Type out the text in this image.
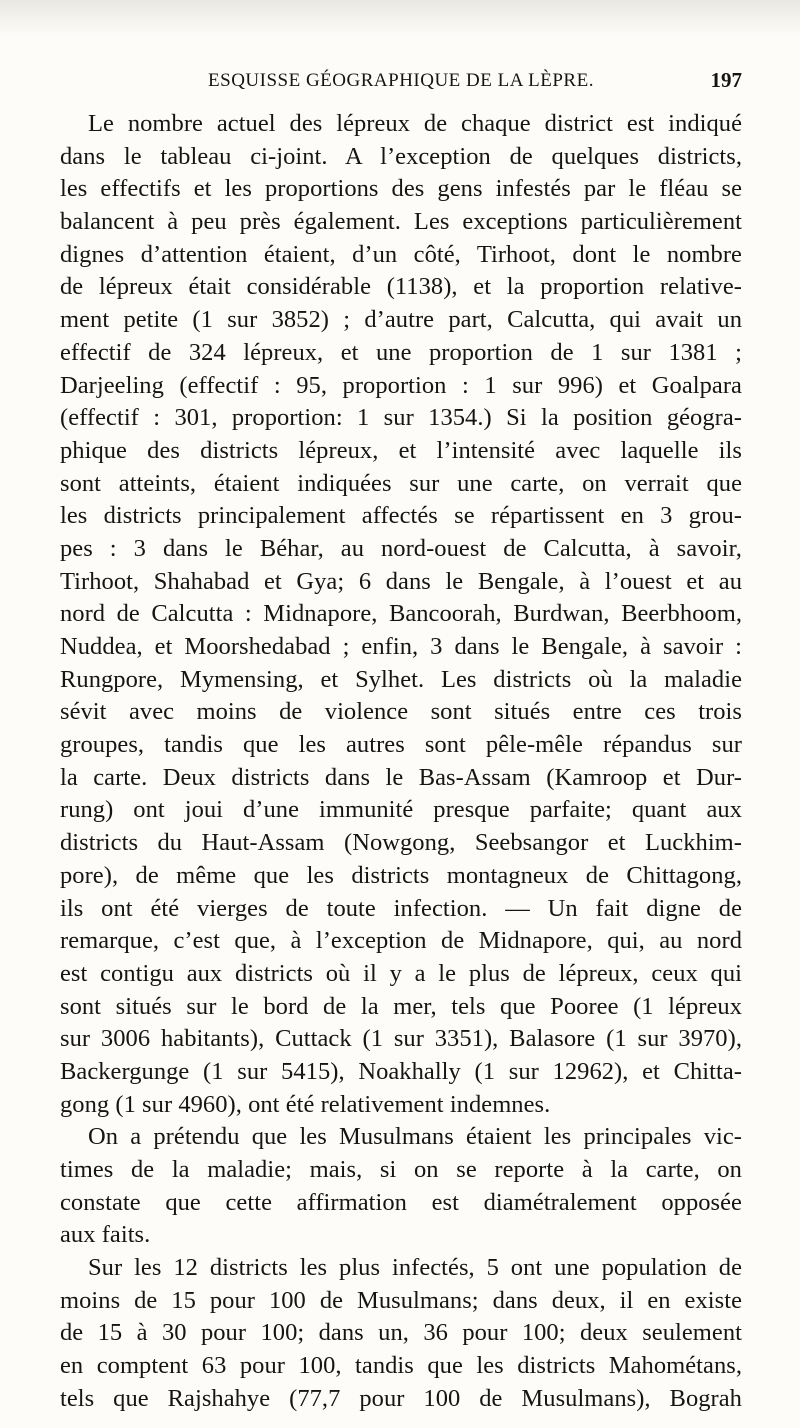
ESQUISSE GÉOGRAPHIQUE DE LA LÈPRE.	197
Le nombre actuel des lépreux de chaque district est indiqué
dans le tableau ci-joint. A l’exception de quelques districts,
les effectifs et les proportions des gens infestés par le fléau se
balancent à peu près également. Les exceptions particulièrement
dignes d’attention étaient, d’un côté, Tirhoot, dont le nombre
de lépreux était considérable (1138), et la proportion relative-
ment petite (1 sur 3852) ; d’autre part, Calcutta, qui avait un
effectif de 324 lépreux, et une proportion de 1 sur 1381 ;
Darjeeling (effectif : 95, proportion : 1 sur 996) et Goalpara
(effectif : 301, proportion: 1 sur 1354.) Si la position géogra-
phique des districts lépreux, et l’intensité avec laquelle ils
sont atteints, étaient indiquées sur une carte, on verrait que
les districts principalement affectés se répartissent en 3 grou-
pes : 3 dans le Béhar, au nord-ouest de Calcutta, à savoir,
Tirhoot, Shahabad et Gya; 6 dans le Bengale, à l’ouest et au
nord de Calcutta : Midnapore, Bancoorah, Burdwan, Beerbhoom,
Nuddea, et Moorshedabad ; enfin, 3 dans le Bengale, à savoir :
Rungpore, Mymensing, et Sylhet. Les districts où la maladie
sévit avec moins de violence sont situés entre ces trois
groupes, tandis que les autres sont pêle-mêle répandus sur
la carte. Deux districts dans le Bas-Assam (Kamroop et Dur-
rung) ont joui d’une immunité presque parfaite; quant aux
districts du Haut-Assam (Nowgong, Seebsangor et Luckhim-
pore), de même que les districts montagneux de Chittagong,
ils ont été vierges de toute infection. — Un fait digne de
remarque, c’est que, à l’exception de Midnapore, qui, au nord
est contigu aux districts où il y a le plus de lépreux, ceux qui
sont situés sur le bord de la mer, tels que Pooree (1 lépreux
sur 3006 habitants), Cuttack (1 sur 3351), Balasore (1 sur 3970),
Backergunge (1 sur 5415), Noakhally (1 sur 12962), et Chitta-
gong (1 sur 4960), ont été relativement indemnes.
On a prétendu que les Musulmans étaient les principales vic-
times de la maladie; mais, si on se reporte à la carte, on
constate que cette affirmation est diamétralement opposée
aux faits.
Sur les 12 districts les plus infectés, 5 ont une population de
moins de 15 pour 100 de Musulmans; dans deux, il en existe
de 15 à 30 pour 100; dans un, 36 pour 100; deux seulement
en comptent 63 pour 100, tandis que les districts Mahométans,
tels que Rajshahye (77,7 pour 100 de Musulmans), Bograh
